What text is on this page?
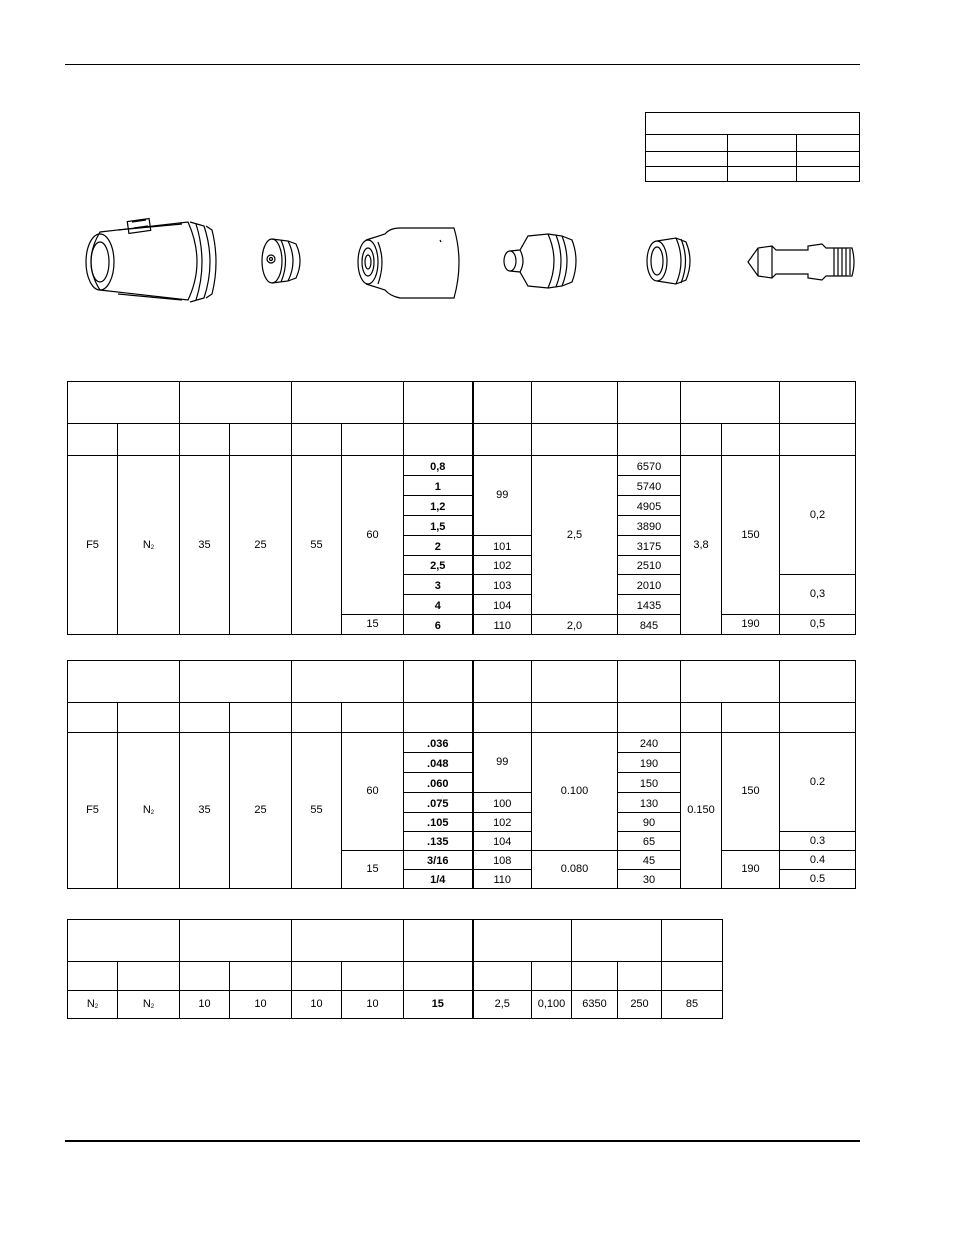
F5	$N_2$	35	25	55	60	0,8	99	2,5	6570	3,8	150	0,2
						1			5740			
						1,2			4905			
						1,5			3890			
						2	101		3175			
						2,5	102		2510			
						3	103		2010			0,3
						4	104		1435			
					15	6	110	2,0	845		190	0,5

F5	$N_2$	35	25	55	60	.036	99	0.100	240	0.150	150	0.2
						.048			190			
						.060			150			
						.075	100		130			
						.105	102		90			
						.135	104		65			0.3
					15	3/16	108	0.080	45		190	0.4
						1/4	110		30			0.5

$N_2$	$N_2$	10	10	10	10	15	2,5	0,100	6350	250	85
